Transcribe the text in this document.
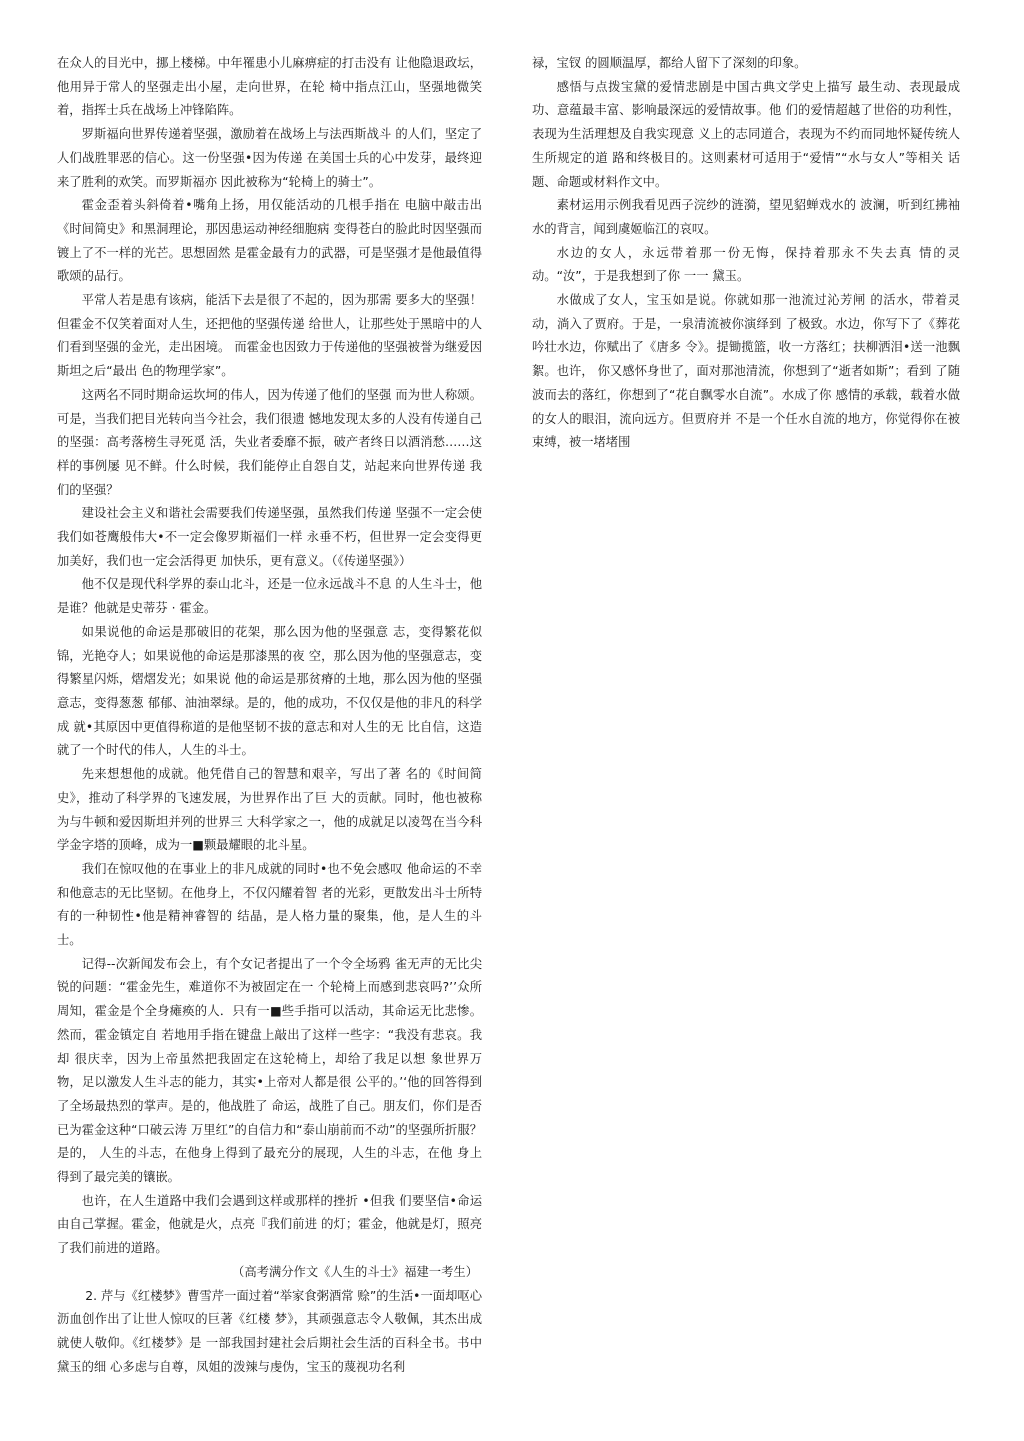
在众人的目光中，挪上楼梯。中年罹患小儿麻痹症的打击没有 让他隐退政坛，他用异于常人的坚强走出小屋，走向世界，在轮 椅中指点江山，坚强地微笑着，指挥士兵在战场上冲锋陷阵。

罗斯福向世界传递着坚强，激励着在战场上与法西斯战斗 的人们，坚定了人们战胜罪恶的信心。这一份坚强•因为传递 在美国士兵的心中发芽，最终迎来了胜利的欢笑。而罗斯福亦 因此被称为“轮椅上的骑士”。

霍金歪着头斜倚着•嘴角上扬，用仅能活动的几根手指在 电脑中敲击出《时间简史》和黑洞理论，那因患运动神经细胞病 变得苍白的脸此时因坚强而镀上了不一样的光芒。思想固然 是霍金最有力的武器，可是坚强才是他最值得歌颂的品行。

平常人若是患有该病，能活下去是很了不起的，因为那需 要多大的坚强！但霍金不仅笑着面对人生，还把他的坚强传递 给世人，让那些处于黑暗中的人们看到坚强的金光，走出困境。 而霍金也因致力于传递他的坚强被誉为继爱因斯坦之后“最出 色的物理学家”。

这两名不同时期命运坎坷的伟人，因为传递了他们的坚强 而为世人称颂。可是，当我们把目光转向当今社会，我们很遗 憾地发现太多的人没有传递自己的坚强：高考落榜生寻死觅 活，失业者委靡不振，破产者终日以酒消愁……这样的事例屡 见不鲜。什么时候，我们能停止自怨自艾，站起来向世界传递 我们的坚强？

建设社会主义和谐社会需要我们传递坚强，虽然我们传递 坚强不一定会使我们如苍鹰般伟大•不一定会像罗斯福们一样 永垂不朽，但世界一定会变得更加美好，我们也一定会活得更 加快乐，更有意义。（《传递坚强》）

他不仅是现代科学界的泰山北斗，还是一位永远战斗不息 的人生斗士，他是谁？他就是史蒂芬 · 霍金。

如果说他的命运是那破旧的花架，那么因为他的坚强意 志，变得繁花似锦，光艳夺人；如果说他的命运是那漆黑的夜 空，那么因为他的坚强意志，变得繁星闪烁，熠熠发光；如果说 他的命运是那贫瘠的土地，那么因为他的坚强意志，变得葱葱 郁郁、油油翠绿。是的，他的成功，不仅仅是他的非凡的科学成 就•其原因中更值得称道的是他坚韧不拔的意志和对人生的无 比自信，这造就了一个时代的伟人，人生的斗士。

先来想想他的成就。他凭借自己的智慧和艰辛，写出了著 名的《时间简史》，推动了科学界的飞速发展，为世界作出了巨 大的贡献。同时，他也被称为与牛顿和爱因斯坦并列的世界三 大科学家之一，他的成就足以凌驾在当今科学金字塔的顶峰，成为一■颗最耀眼的北斗星。

我们在惊叹他的在事业上的非凡成就的同时•也不免会感叹 他命运的不幸和他意志的无比坚韧。在他身上，不仅闪耀着智 者的光彩，更散发出斗士所特有的一种韧性•他是精神睿智的 结晶，是人格力量的聚集，他，是人生的斗士。

记得--次新闻发布会上，有个女记者提出了一个令全场鸦 雀无声的无比尖锐的问题：“霍金先生，难道你不为被固定在一 个轮椅上而感到悲哀吗?’’众所周知，霍金是个全身瘫痪的人．只有一■些手指可以活动，其命运无比悲惨。然而，霍金镇定自 若地用手指在键盘上敲出了这样一些字：“我没有悲哀。我却 很庆幸，因为上帝虽然把我固定在这轮椅上，却给了我足以想 象世界万物，足以激发人生斗志的能力，其实•上帝对人都是很 公平的。’‘他的回答得到了全场最热烈的掌声。是的，他战胜了 命运，战胜了自己。朋友们，你们是否已为霍金这种“口破云涛 万里红”的自信力和“泰山崩前而不动”的坚强所折服？是的， 人生的斗志，在他身上得到了最充分的展现，人生的斗志，在他 身上得到了最完美的镶嵌。

也许，在人生道路中我们会遇到这样或那样的挫折 •但我 们要坚信•命运由自己掌握。霍金，他就是火，点亮『我们前进 的灯；霍金，他就是灯，照亮了我们前进的道路。

（高考满分作文《人生的斗士》福建一考生）

2. 芹与《红楼梦》曹雪芹一面过着“举家食粥酒常 赊”的生活•一面却呕心沥血创作出了让世人惊叹的巨著《红楼 梦》，其顽强意志令人敬佩，其杰出成就使人敬仰。《红楼梦》是 一部我国封建社会后期社会生活的百科全书。书中黛玉的细 心多虑与自尊，凤姐的泼辣与虔伪，宝玉的蔑视功名利

禄，宝钗 的圆顺温厚，都给人留下了深刻的印象。

感悟与点拨宝黛的爱情悲剧是中国古典文学史上描写 最生动、表现最成功、意蕴最丰富、影响最深远的爱情故事。他 们的爱情超越了世俗的功利性，表现为生活理想及自我实现意 义上的志同道合，表现为不约而同地怀疑传统人生所规定的道 路和终极目的。这则素材可适用于“爱情”“水与女人”等相关 话题、命题或材料作文中。

素材运用示例我看见西子浣纱的涟漪，望见貂蝉戏水的 波澜，听到红拂袖水的背言，闻到虞姬临江的哀叹。

水边的女人，永远带着那一份无悔，保持着那永不失去真 情的灵动。“汝”，于是我想到了你 一一 黛玉。

水做成了女人，宝玉如是说。你就如那一池流过沁芳闸 的活水，带着灵动，淌入了贾府。于是，一泉清流被你演绎到 了极致。水边，你写下了《葬花吟壮水边，你赋出了《唐多 令》。提锄揽篮，收一方落红；扶柳洒泪•送一池飘絮。也许， 你又感怀身世了，面对那池清流，你想到了“逝者如斯”；看到 了随波而去的落红，你想到了“花自飘零水自流”。水成了你 感情的承载，载着水做的女人的眼泪，流向远方。但贾府并 不是一个任水自流的地方，你觉得你在被束缚，被一堵堵围
